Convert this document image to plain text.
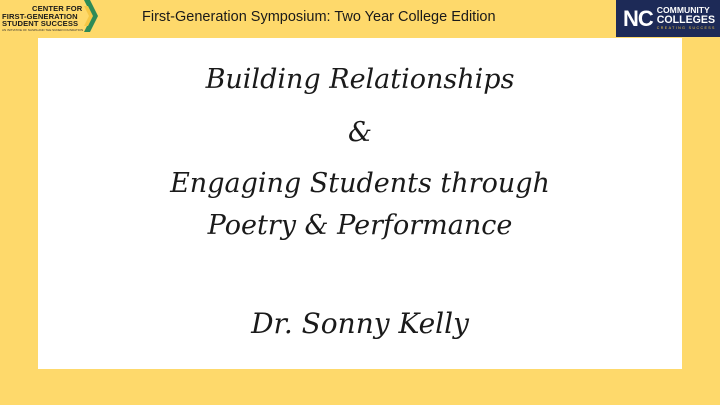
CENTER FOR
FIRST-GENERATION
STUDENT SUCCESS
AN INITIATIVE OF NASPA AND THE SUDER FOUNDATION
First-Generation Symposium: Two Year College Edition	NC COMMUNITY
COLLEGES
CREATING SUCCESS
Building Relationships
&
Engaging Students through
Poetry & Performance
Dr. Sonny Kelly
